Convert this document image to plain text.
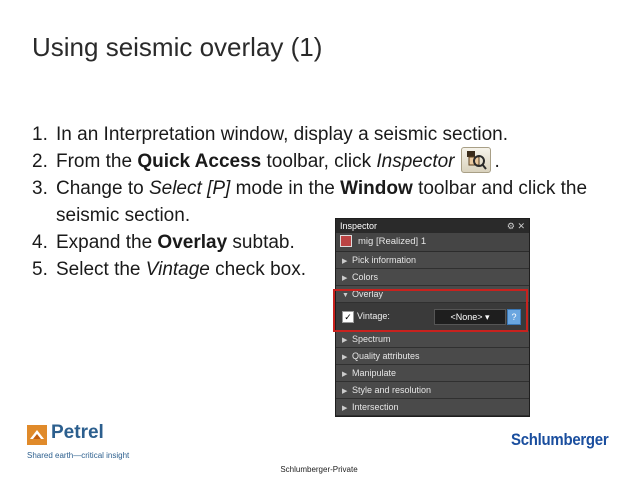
Using seismic overlay (1)
1. In an Interpretation window, display a seismic section.
2. From the Quick Access toolbar, click Inspector .
3. Change to Select [P] mode in the Window toolbar and click the
seismic section.
4. Expand the Overlay subtab.
5. Select the Vintage check box.
Inspector	⚙ ✕
mig [Realized] 1
▶ Pick information
▶ Colors
▼ Overlay
✓ Vintage:	<None> ▾	?
▶ Spectrum
▶ Quality attributes
▶ Manipulate
▶ Style and resolution
▶ Intersection
Petrel
Shared earth—critical insight
Schlumberger
Schlumberger-Private
